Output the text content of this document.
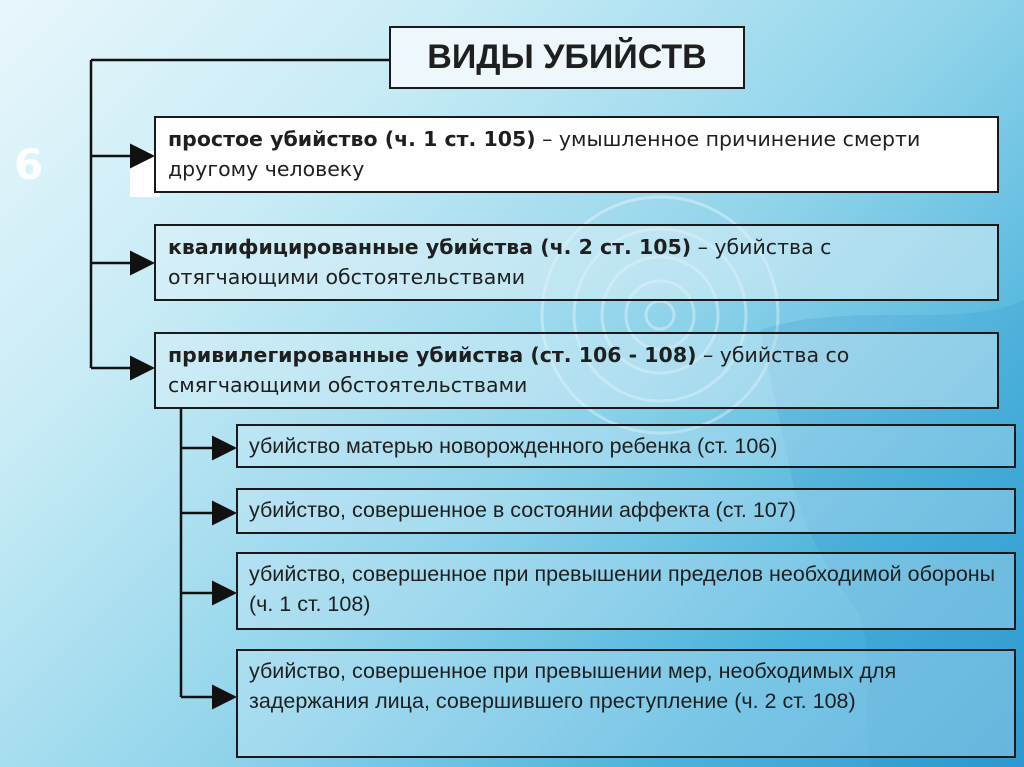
6
ВИДЫ УБИЙСТВ
простое убийство (ч. 1 ст. 105) – умышленное причинение смерти другому человеку
квалифицированные убийства (ч. 2 ст. 105) – убийства с отягчающими обстоятельствами
привилегированные убийства (ст. 106 - 108) – убийства со смягчающими обстоятельствами
убийство матерью новорожденного ребенка (ст. 106)
убийство, совершенное в состоянии аффекта (ст. 107)
убийство, совершенное при превышении пределов необходимой обороны (ч. 1 ст. 108)
убийство, совершенное при превышении мер, необходимых для задержания лица, совершившего преступление (ч. 2 ст. 108)
